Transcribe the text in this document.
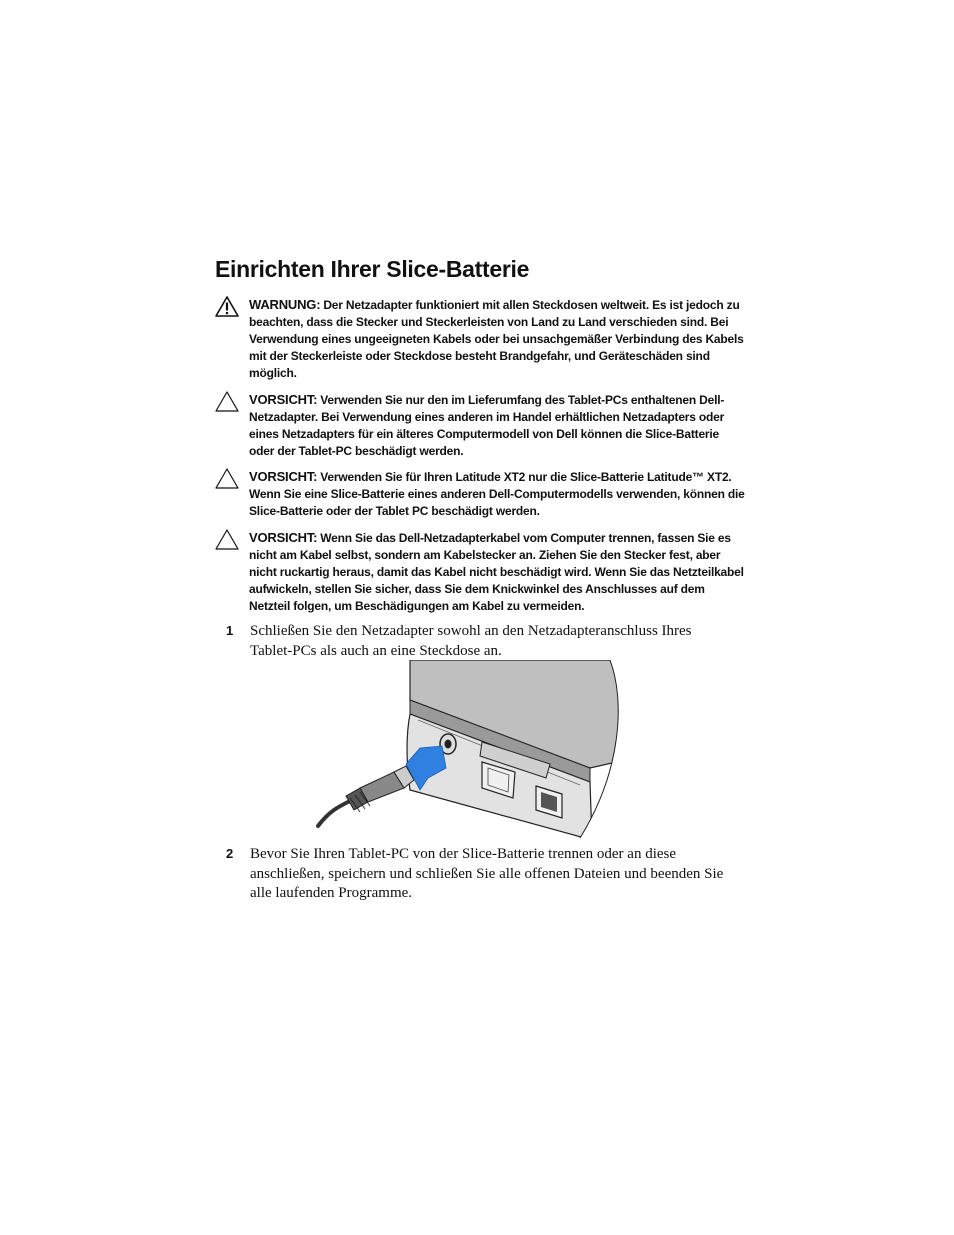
Einrichten Ihrer Slice-Batterie
WARNUNG: Der Netzadapter funktioniert mit allen Steckdosen weltweit. Es ist jedoch zu beachten, dass die Stecker und Steckerleisten von Land zu Land verschieden sind. Bei Verwendung eines ungeeigneten Kabels oder bei unsachgemäßer Verbindung des Kabels mit der Steckerleiste oder Steckdose besteht Brandgefahr, und Geräteschäden sind möglich.
VORSICHT: Verwenden Sie nur den im Lieferumfang des Tablet-PCs enthaltenen Dell-Netzadapter. Bei Verwendung eines anderen im Handel erhältlichen Netzadapters oder eines Netzadapters für ein älteres Computermodell von Dell können die Slice-Batterie oder der Tablet-PC beschädigt werden.
VORSICHT: Verwenden Sie für Ihren Latitude XT2 nur die Slice-Batterie Latitude™ XT2. Wenn Sie eine Slice-Batterie eines anderen Dell-Computermodells verwenden, können die Slice-Batterie oder der Tablet PC beschädigt werden.
VORSICHT: Wenn Sie das Dell-Netzadapterkabel vom Computer trennen, fassen Sie es nicht am Kabel selbst, sondern am Kabelstecker an. Ziehen Sie den Stecker fest, aber nicht ruckartig heraus, damit das Kabel nicht beschädigt wird. Wenn Sie das Netzteilkabel aufwickeln, stellen Sie sicher, dass Sie dem Knickwinkel des Anschlusses auf dem Netzteil folgen, um Beschädigungen am Kabel zu vermeiden.
1 Schließen Sie den Netzadapter sowohl an den Netzadapteranschluss Ihres Tablet-PCs als auch an eine Steckdose an.
2 Bevor Sie Ihren Tablet-PC von der Slice-Batterie trennen oder an diese anschließen, speichern und schließen Sie alle offenen Dateien und beenden Sie alle laufenden Programme.
